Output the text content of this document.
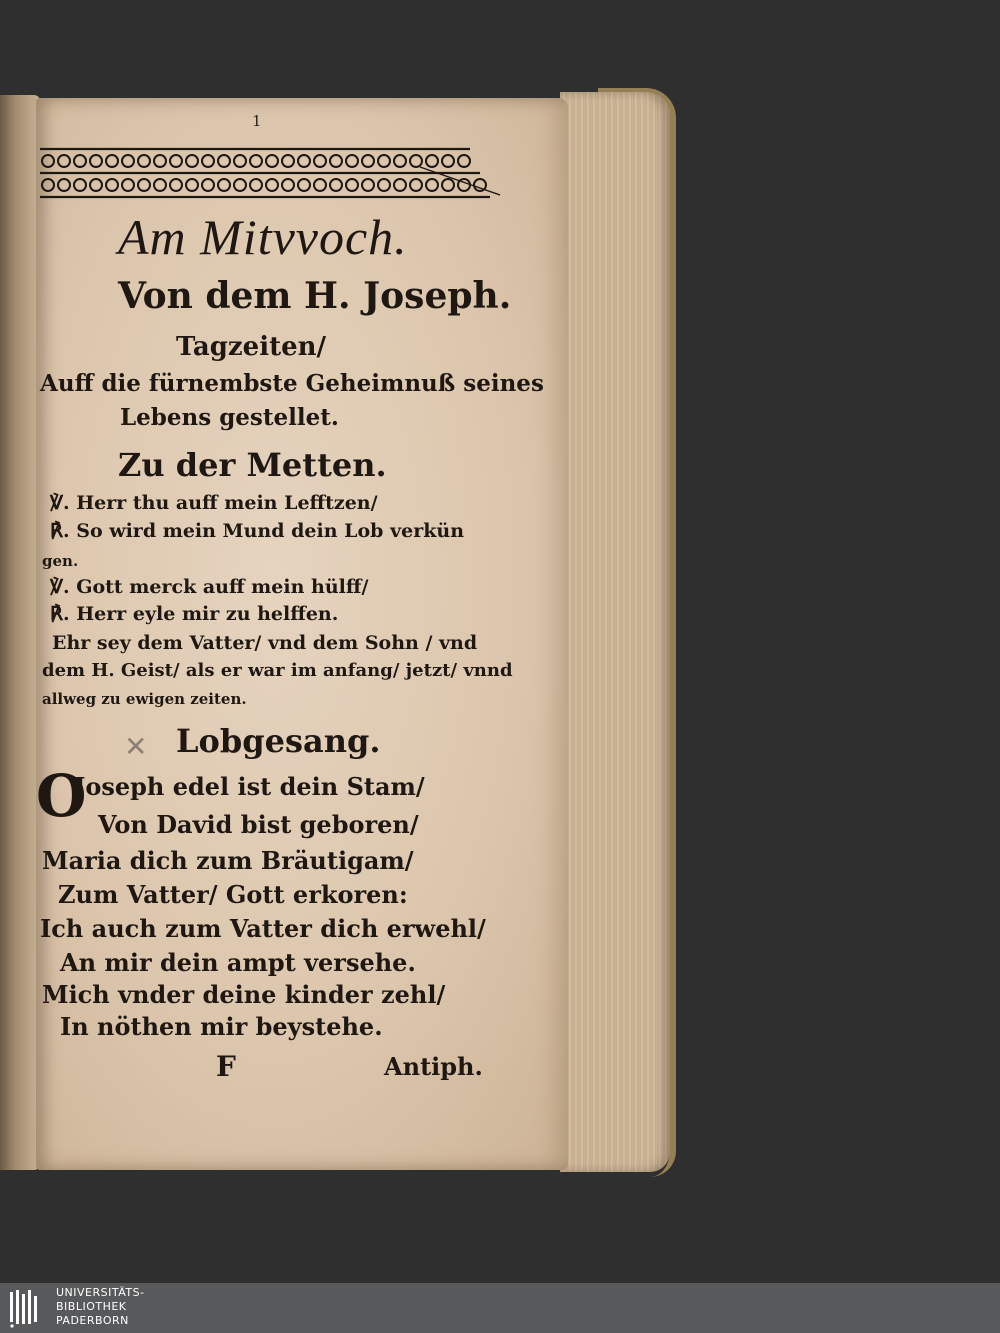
1
Am Mitvvoch.
Von dem H. Joseph.
Tagzeiten/
Auff die fürnembste Geheimnuß seines
Lebens gestellet.
Zu der Metten.
℣. Herr thu auff mein Lefftzen/
℟. So wird mein Mund dein Lob verkün
gen.
℣. Gott merck auff mein hülff/
℟. Herr eyle mir zu helffen.
Ehr sey dem Vatter/ vnd dem Sohn / vnd
dem H. Geist/ als er war im anfang/ jetzt/ vnnd
allweg zu ewigen zeiten.
✕ Lobgesang.
O
Joseph edel ist dein Stam/
Von David bist geboren/
Maria dich zum Bräutigam/
Zum Vatter/ Gott erkoren:
Ich auch zum Vatter dich erwehl/
An mir dein ampt versehe.
Mich vnder deine kinder zehl/
In nöthen mir beystehe.
F	Antiph.
UNIVERSITÄTS-
BIBLIOTHEK
PADERBORN
